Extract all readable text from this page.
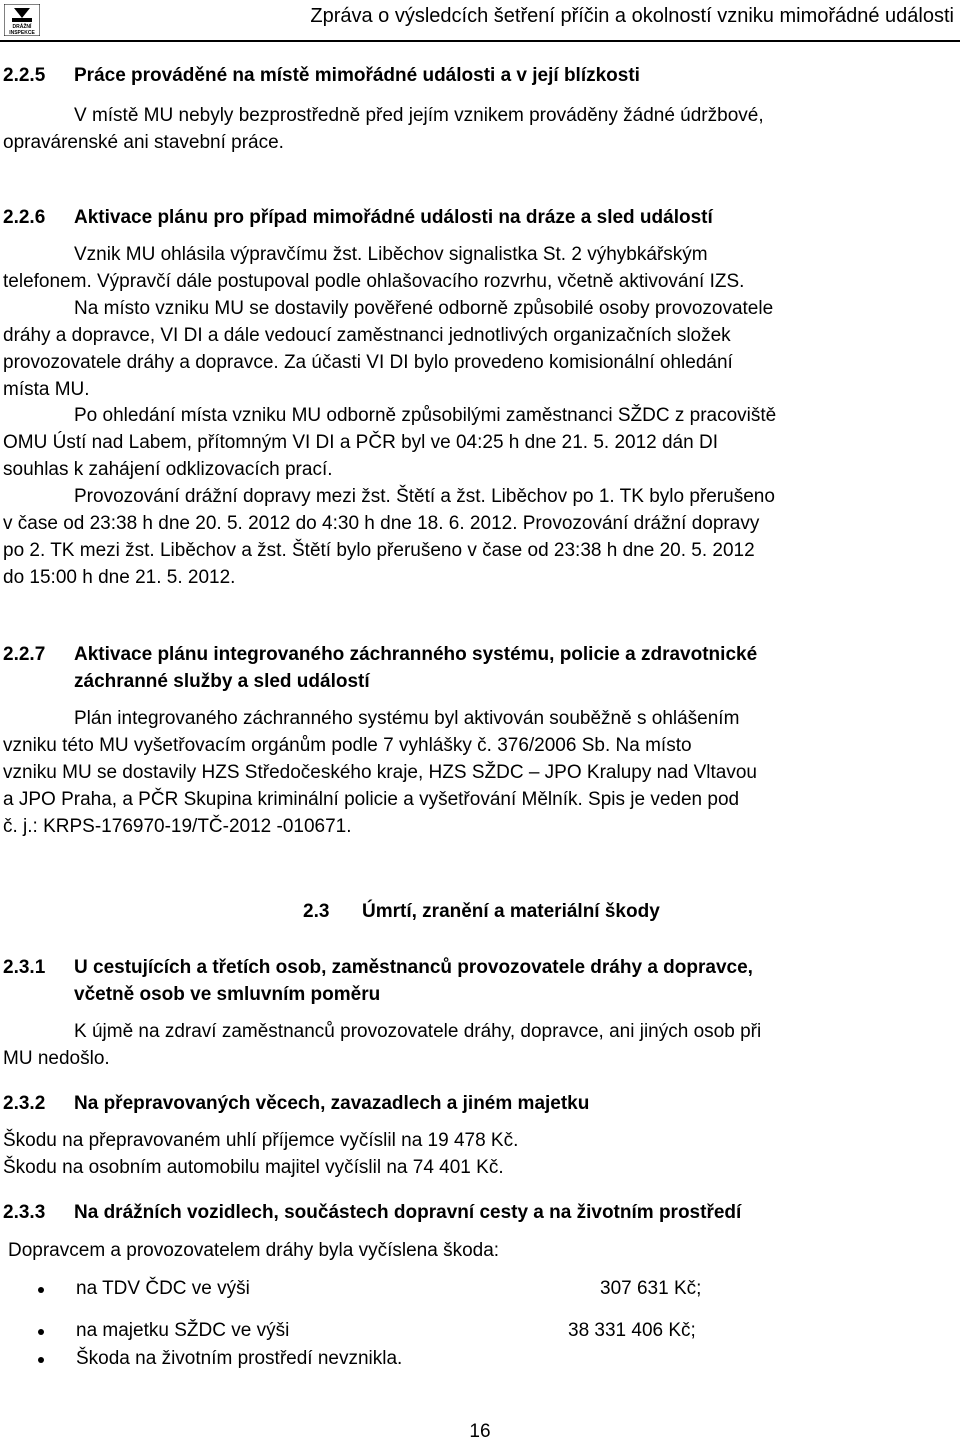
DRÁŽNÍ
INSPEKCE
Zpráva o výsledcích šetření příčin a okolností vzniku mimořádné události
2.2.5 Práce prováděné na místě mimořádné události a v její blízkosti
V místě MU nebyly bezprostředně před jejím vznikem prováděny žádné údržbové,
opravárenské ani stavební práce.
2.2.6 Aktivace plánu pro případ mimořádné události na dráze a sled událostí
Vznik MU ohlásila výpravčímu žst. Liběchov signalistka St. 2 výhybkářským
telefonem. Výpravčí dále postupoval podle ohlašovacího rozvrhu, včetně aktivování IZS.
Na místo vzniku MU se dostavily pověřené odborně způsobilé osoby provozovatele
dráhy a dopravce, VI DI a dále vedoucí zaměstnanci jednotlivých organizačních složek
provozovatele dráhy a dopravce. Za účasti VI DI bylo provedeno komisionální ohledání
místa MU.
Po ohledání místa vzniku MU odborně způsobilými zaměstnanci SŽDC z pracoviště
OMU Ústí nad Labem, přítomným VI DI a PČR byl ve 04:25 h dne 21. 5. 2012 dán DI
souhlas k zahájení odklizovacích prací.
Provozování drážní dopravy mezi žst. Štětí a žst. Liběchov po 1. TK bylo přerušeno
v čase od 23:38 h dne 20. 5. 2012 do 4:30 h dne 18. 6. 2012. Provozování drážní dopravy
po 2. TK mezi žst. Liběchov a žst. Štětí bylo přerušeno v čase od 23:38 h dne 20. 5. 2012
do 15:00 h dne 21. 5. 2012.
2.2.7 Aktivace plánu integrovaného záchranného systému, policie a zdravotnické
záchranné služby a sled událostí
Plán integrovaného záchranného systému byl aktivován souběžně s ohlášením
vzniku této MU vyšetřovacím orgánům podle 7 vyhlášky č. 376/2006 Sb. Na místo
vzniku MU se dostavily HZS Středočeského kraje, HZS SŽDC – JPO Kralupy nad Vltavou
a JPO Praha, a PČR Skupina kriminální policie a vyšetřování Mělník. Spis je veden pod
č. j.: KRPS-176970-19/TČ-2012 -010671.
2.3 Úmrtí, zranění a materiální škody
2.3.1 U cestujících a třetích osob, zaměstnanců provozovatele dráhy a dopravce,
včetně osob ve smluvním poměru
K újmě na zdraví zaměstnanců provozovatele dráhy, dopravce, ani jiných osob při
MU nedošlo.
2.3.2 Na přepravovaných věcech, zavazadlech a jiném majetku
Škodu na přepravovaném uhlí příjemce vyčíslil na 19 478 Kč.
Škodu na osobním automobilu majitel vyčíslil na 74 401 Kč.
2.3.3 Na drážních vozidlech, součástech dopravní cesty a na životním prostředí
Dopravcem a provozovatelem dráhy byla vyčíslena škoda:
na TDV ČDC ve výši	307 631 Kč;
na majetku SŽDC ve výši	38 331 406 Kč;
Škoda na životním prostředí nevznikla.
16
